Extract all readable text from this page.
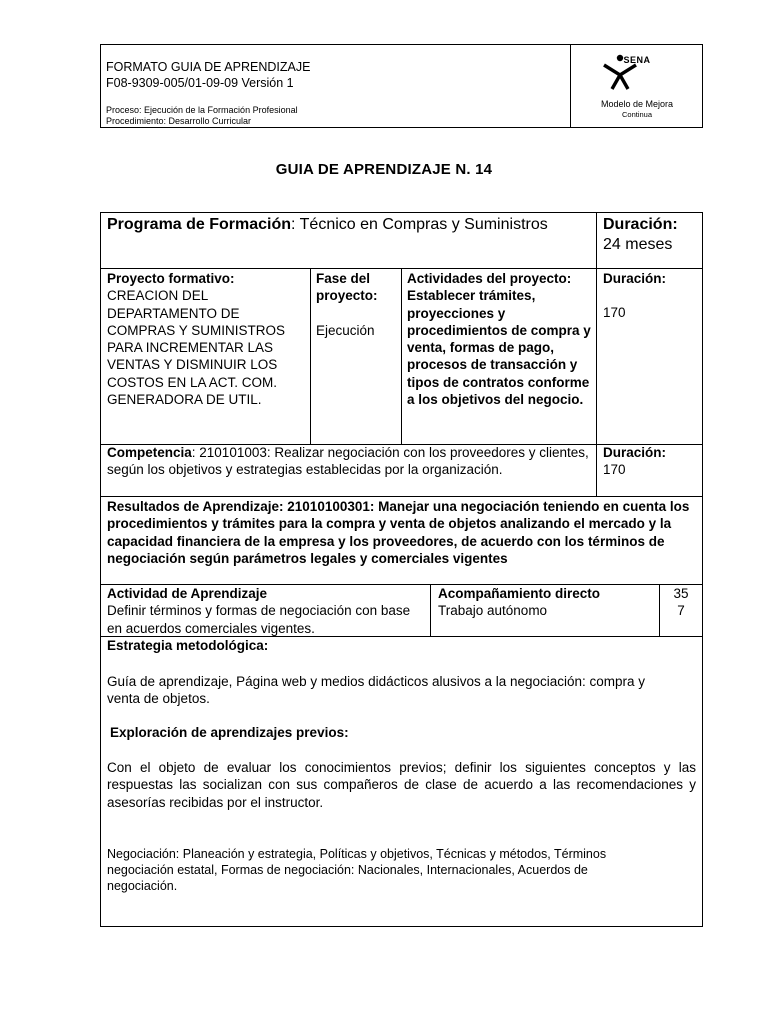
FORMATO GUIA DE APRENDIZAJE
F08-9309-005/01-09-09 Versión 1
Proceso: Ejecución de la Formación Profesional
Procedimiento: Desarrollo Curricular
SENA
Modelo de Mejora
Continua
GUIA DE APRENDIZAJE N. 14
Programa de Formación: Técnico en Compras y Suministros	Duración:
24 meses
Proyecto formativo:
CREACION DEL DEPARTAMENTO DE COMPRAS Y SUMINISTROS PARA INCREMENTAR LAS VENTAS Y DISMINUIR LOS COSTOS EN LA ACT. COM. GENERADORA DE UTIL.
Fase del proyecto:
Ejecución
Actividades del proyecto:
Establecer trámites, proyecciones y procedimientos de compra y venta, formas de pago, procesos de transacción y tipos de contratos conforme a los objetivos del negocio.
Duración:
170
Competencia: 210101003: Realizar negociación con los proveedores y clientes, según los objetivos y estrategias establecidas por la organización.
Duración:
170
Resultados de Aprendizaje: 21010100301: Manejar una negociación teniendo en cuenta los procedimientos y trámites para la compra y venta de objetos analizando el mercado y la capacidad financiera de la empresa y los proveedores, de acuerdo con los términos de negociación según parámetros legales y comerciales vigentes
Actividad de Aprendizaje
Definir términos y formas de negociación con base en acuerdos comerciales vigentes.
Acompañamiento directo
Trabajo autónomo
35
7
Estrategia metodológica:
Guía de aprendizaje, Página web y medios didácticos alusivos a la negociación: compra y venta de objetos.
Exploración de aprendizajes previos:
Con el objeto de evaluar los conocimientos previos; definir los siguientes conceptos y las respuestas las socializan con sus compañeros de clase de acuerdo a las recomendaciones y asesorías recibidas por el instructor.
Negociación: Planeación y estrategia, Políticas y objetivos, Técnicas y métodos, Términos negociación estatal, Formas de negociación: Nacionales, Internacionales, Acuerdos de negociación.
